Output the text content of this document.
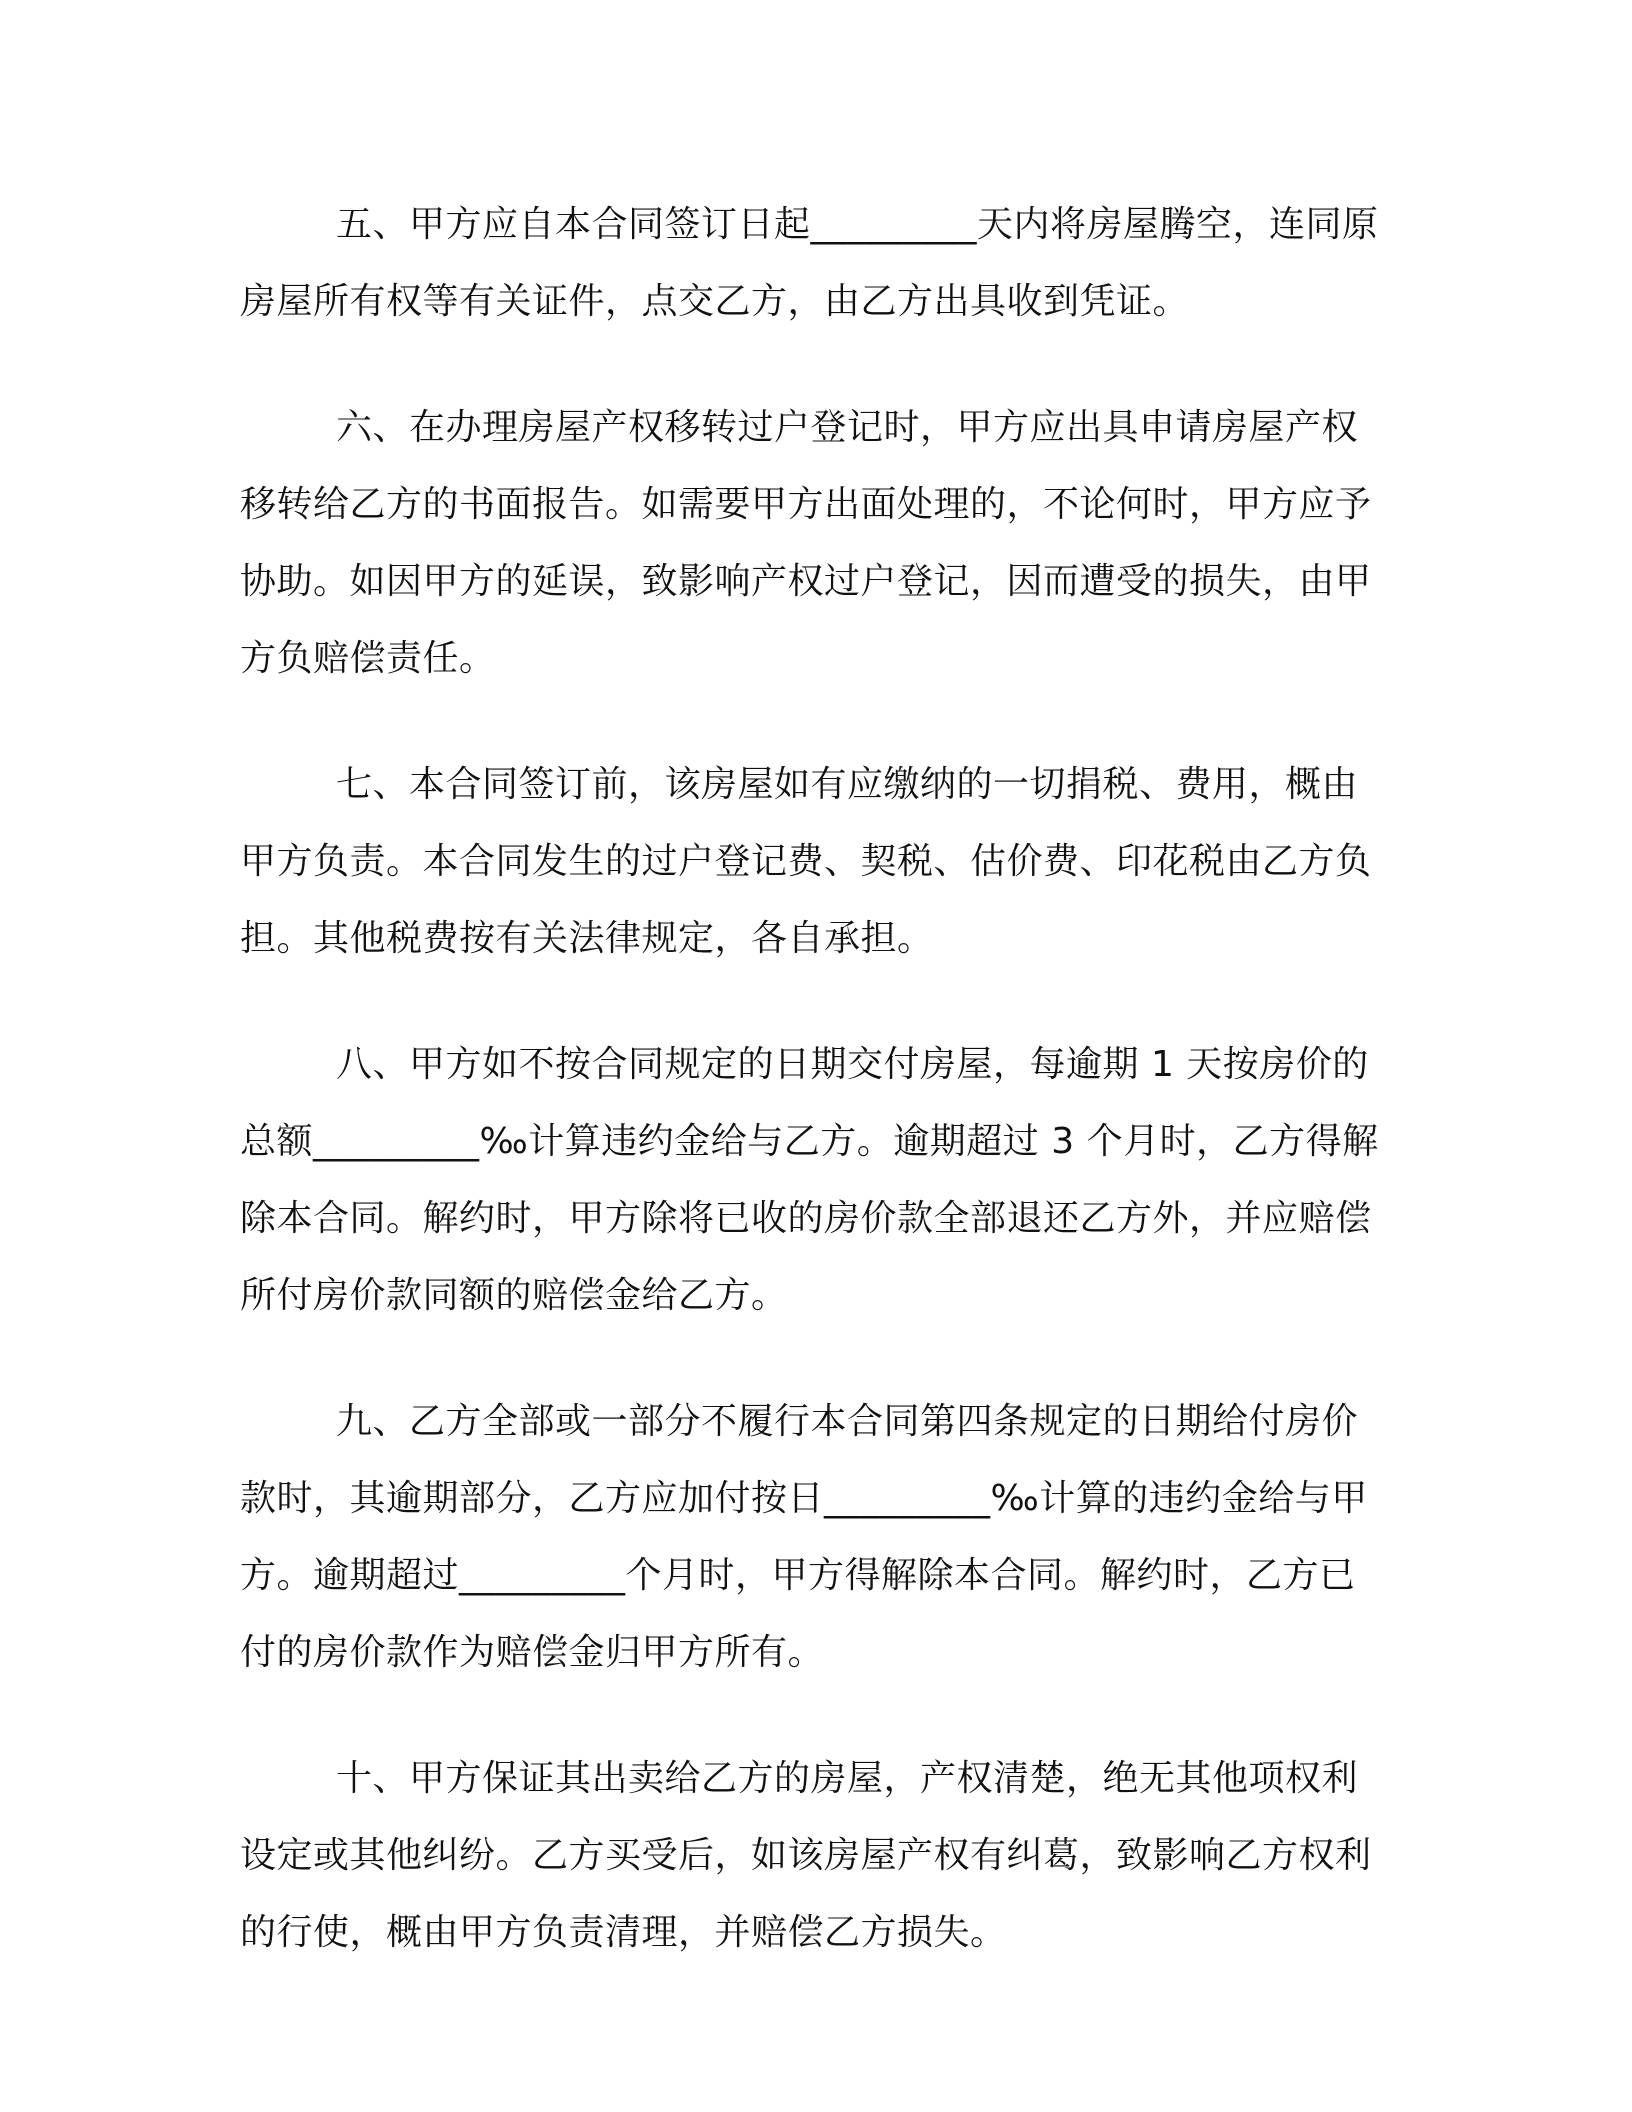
五、甲方应自本合同签订日起_________天内将房屋腾空，连同原房屋所有权等有关证件，点交乙方，由乙方出具收到凭证。

六、在办理房屋产权移转过户登记时，甲方应出具申请房屋产权移转给乙方的书面报告。如需要甲方出面处理的，不论何时，甲方应予协助。如因甲方的延误，致影响产权过户登记，因而遭受的损失，由甲方负赔偿责任。

七、本合同签订前，该房屋如有应缴纳的一切捐税、费用，概由甲方负责。本合同发生的过户登记费、契税、估价费、印花税由乙方负担。其他税费按有关法律规定，各自承担。

八、甲方如不按合同规定的日期交付房屋，每逾期 1 天按房价的总额_________‰计算违约金给与乙方。逾期超过 3 个月时，乙方得解除本合同。解约时，甲方除将已收的房价款全部退还乙方外，并应赔偿所付房价款同额的赔偿金给乙方。

九、乙方全部或一部分不履行本合同第四条规定的日期给付房价款时，其逾期部分，乙方应加付按日_________‰计算的违约金给与甲方。逾期超过_________个月时，甲方得解除本合同。解约时，乙方已付的房价款作为赔偿金归甲方所有。

十、甲方保证其出卖给乙方的房屋，产权清楚，绝无其他项权利设定或其他纠纷。乙方买受后，如该房屋产权有纠葛，致影响乙方权利的行使，概由甲方负责清理，并赔偿乙方损失。
